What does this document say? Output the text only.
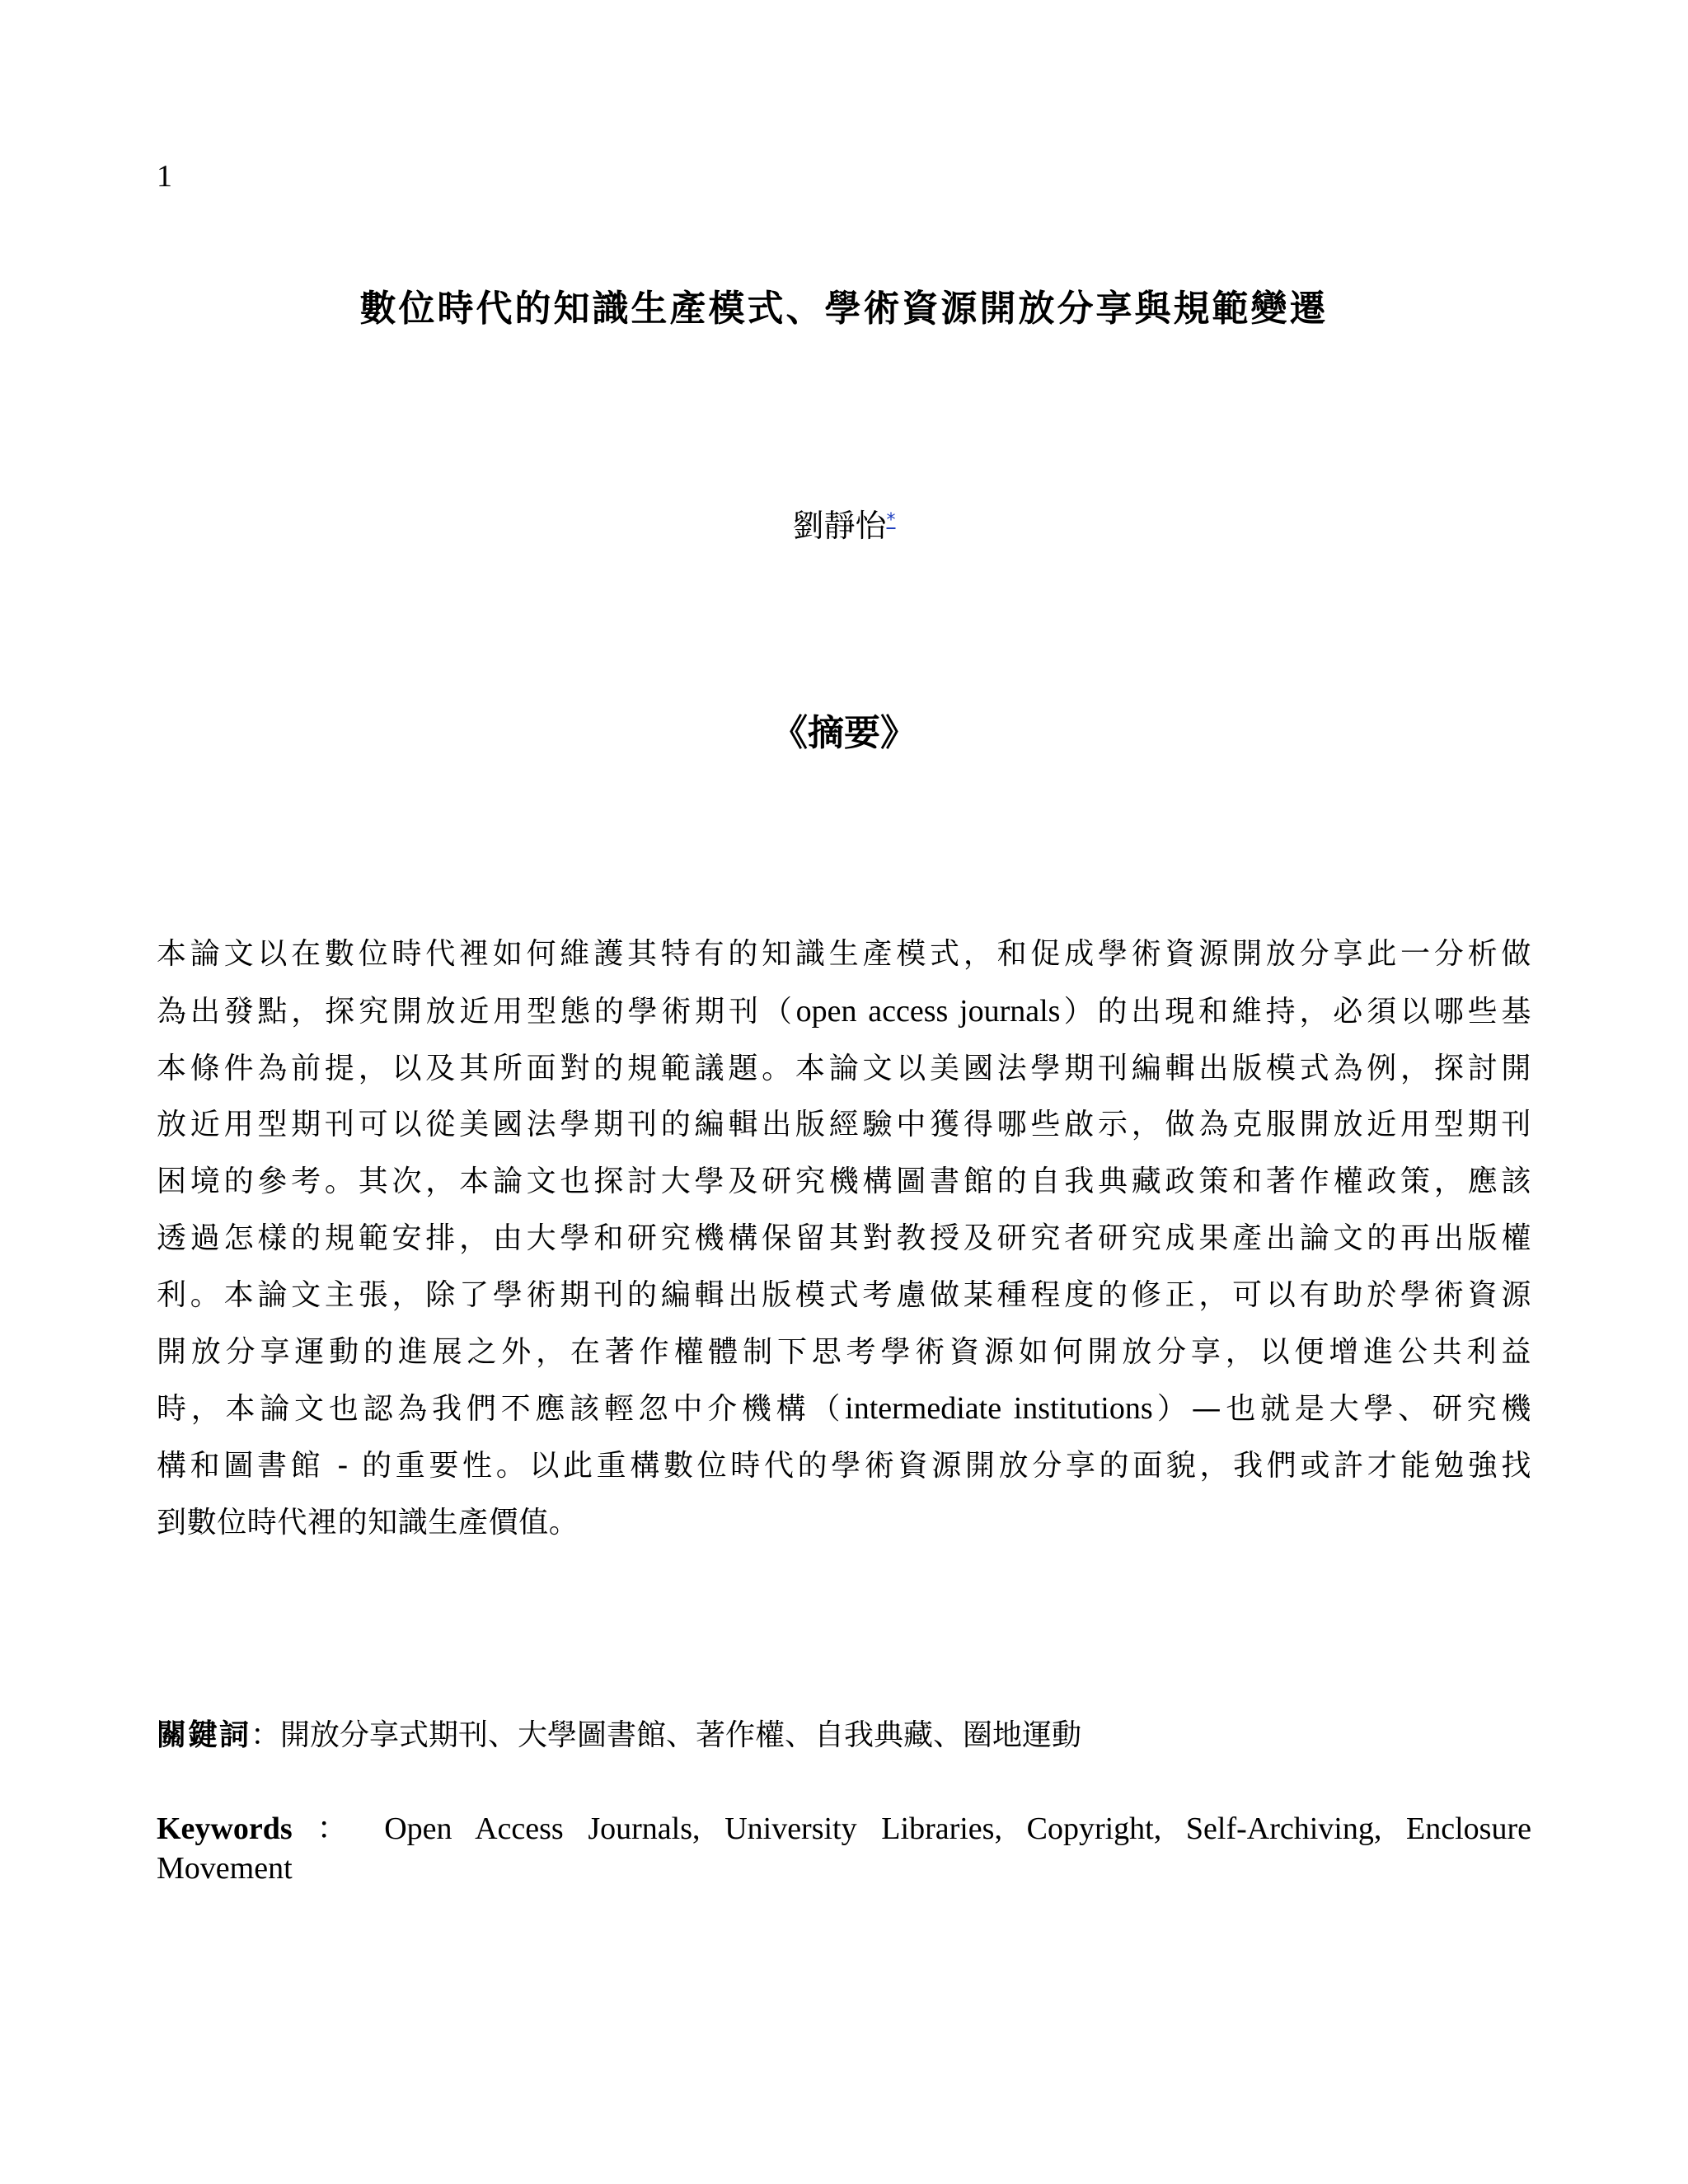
1
數位時代的知識生產模式、學術資源開放分享與規範變遷
劉靜怡*
《摘要》
本論文以在數位時代裡如何維護其特有的知識生產模式，和促成學術資源開放分享此一分析做
為出發點，探究開放近用型態的學術期刊（open access journals）的出現和維持，必須以哪些基
本條件為前提，以及其所面對的規範議題。本論文以美國法學期刊編輯出版模式為例，探討開
放近用型期刊可以從美國法學期刊的編輯出版經驗中獲得哪些啟示，做為克服開放近用型期刊
困境的參考。其次，本論文也探討大學及研究機構圖書館的自我典藏政策和著作權政策，應該
透過怎樣的規範安排，由大學和研究機構保留其對教授及研究者研究成果產出論文的再出版權
利。本論文主張，除了學術期刊的編輯出版模式考慮做某種程度的修正，可以有助於學術資源
開放分享運動的進展之外，在著作權體制下思考學術資源如何開放分享，以便增進公共利益
時，本論文也認為我們不應該輕忽中介機構（intermediate institutions）—也就是大學、研究機
構和圖書館 - 的重要性。以此重構數位時代的學術資源開放分享的面貌，我們或許才能勉強找
到數位時代裡的知識生產價值。
關鍵詞：開放分享式期刊、大學圖書館、著作權、自我典藏、圈地運動
Keywords ： Open Access Journals, University Libraries, Copyright, Self-Archiving, Enclosure Movement
